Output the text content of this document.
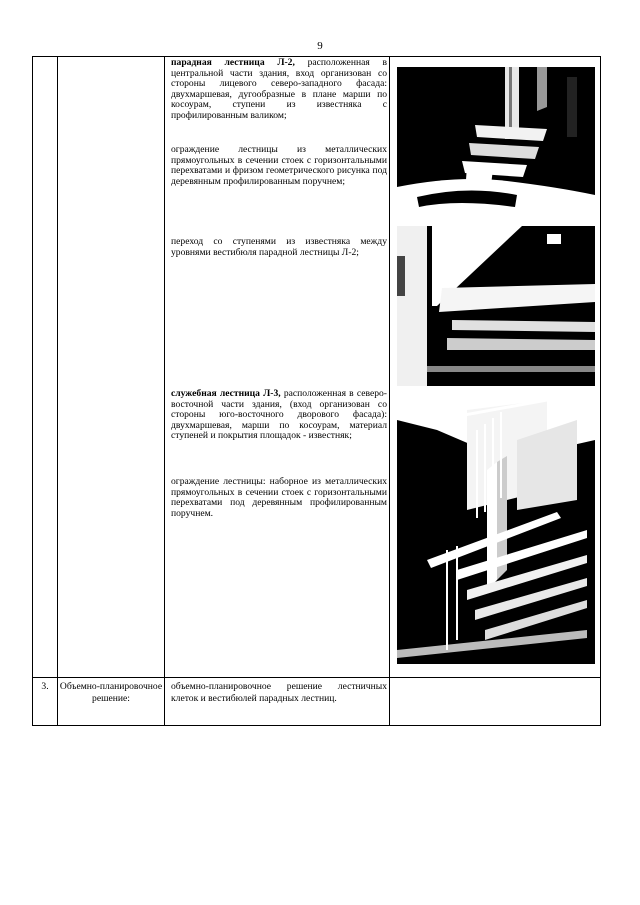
9
парадная лестница Л-2, расположенная в центральной части здания, вход организован со стороны лицевого северо-западного фасада: двухмаршевая, дугообразные в плане марши по косоурам, ступени из известняка с профилированным валиком;
ограждение лестницы из металлических прямоугольных в сечении стоек с горизонтальными перехватами и фризом геометрического рисунка под деревянным профилированным поручнем;
переход со ступенями из известняка между уровнями вестибюля парадной лестницы Л-2;
служебная лестница Л-3, расположенная в северо-восточной части здания, (вход организован со стороны юго-восточного дворового фасада): двухмаршевая, марши по косоурам, материал ступеней и покрытия площадок - известняк;
ограждение лестницы: наборное из металлических прямоугольных в сечении стоек с горизонтальными перехватами под деревянным профилированным поручнем.
3.	Объемно-планировочное решение:
объемно-планировочное решение лестничных клеток и вестибюлей парадных лестниц.
